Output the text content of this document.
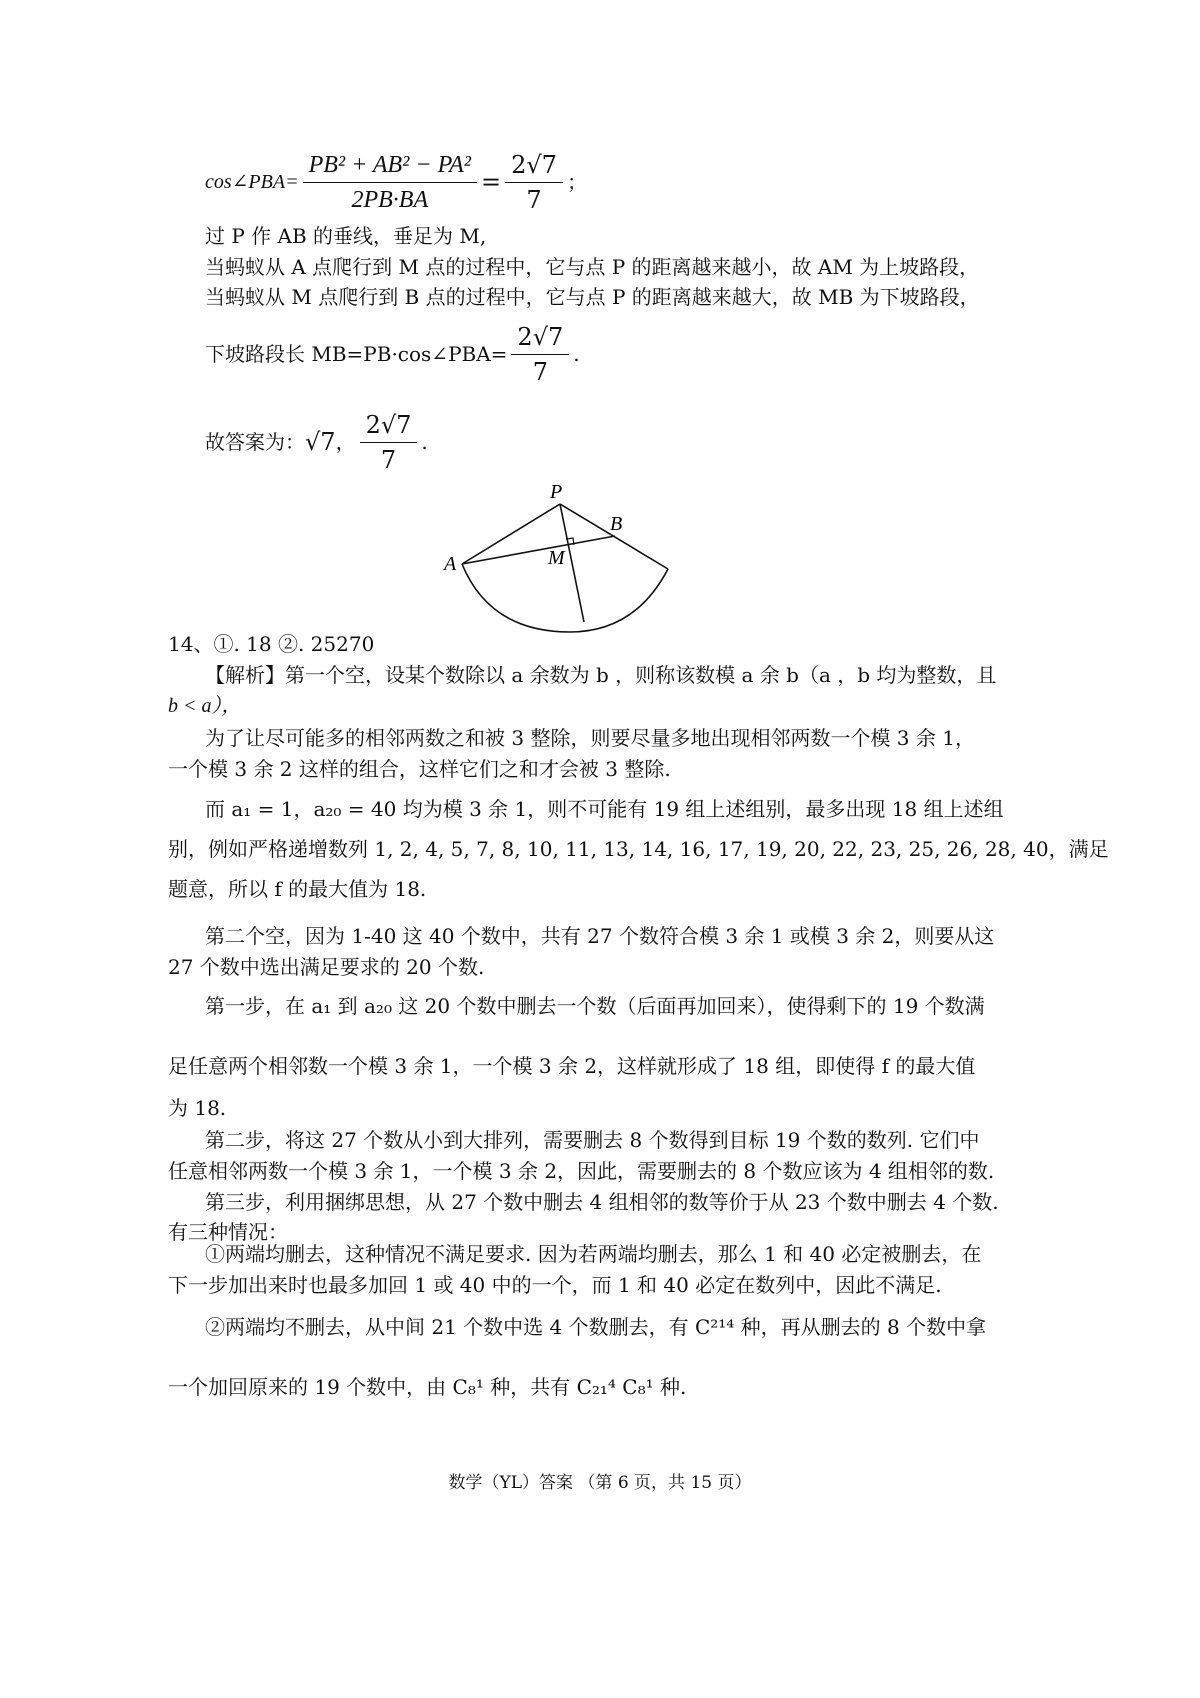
cos∠PBA= $\frac{\text{PB² + AB² − PA²}}{2PB\cdot BA} = \frac{2√7}{7}$ ；
过 P 作 AB 的垂线，垂足为 M,
当蚂蚁从 A 点爬行到 M 点的过程中，它与点 P 的距离越来越小，故 AM 为上坡路段，
当蚂蚁从 M 点爬行到 B 点的过程中，它与点 P 的距离越来越大，故 MB 为下坡路段，
下坡路段长 MB=PB·cos∠PBA= $\frac{2√7}{7}$ .
故答案为： √7 ， $\frac{2√7}{7}$ .
P
B
A	M
14、①. 18 ②. 25270
【解析】第一个空，设某个数除以 a 余数为 b ，则称该数模 a 余 b（a ，b 均为整数，且
b < a），
为了让尽可能多的相邻两数之和被 3 整除，则要尽量多地出现相邻两数一个模 3 余 1，
一个模 3 余 2 这样的组合，这样它们之和才会被 3 整除.
而 a₁ = 1，a₂₀ = 40 均为模 3 余 1，则不可能有 19 组上述组别，最多出现 18 组上述组
别，例如严格递增数列 1, 2, 4, 5, 7, 8, 10, 11, 13, 14, 16, 17, 19, 20, 22, 23, 25, 26, 28, 40，满足
题意，所以 f 的最大值为 18.
第二个空，因为 1-40 这 40 个数中，共有 27 个数符合模 3 余 1 或模 3 余 2，则要从这
27 个数中选出满足要求的 20 个数.
第一步，在 a₁ 到 a₂₀ 这 20 个数中删去一个数（后面再加回来），使得剩下的 19 个数满
足任意两个相邻数一个模 3 余 1，一个模 3 余 2，这样就形成了 18 组，即使得 f 的最大值
为 18.
第二步，将这 27 个数从小到大排列，需要删去 8 个数得到目标 19 个数的数列. 它们中
任意相邻两数一个模 3 余 1，一个模 3 余 2，因此，需要删去的 8 个数应该为 4 组相邻的数.
第三步，利用捆绑思想，从 27 个数中删去 4 组相邻的数等价于从 23 个数中删去 4 个数.
有三种情况：
①两端均删去，这种情况不满足要求. 因为若两端均删去，那么 1 和 40 必定被删去，在
下一步加出来时也最多加回 1 或 40 中的一个，而 1 和 40 必定在数列中，因此不满足.
②两端均不删去，从中间 21 个数中选 4 个数删去，有 C²¹⁴ 种，再从删去的 8 个数中拿
一个加回原来的 19 个数中，由 C₈¹ 种，共有 C₂₁⁴ C₈¹ 种.
数学（YL）答案 （第 6 页，共 15 页）
